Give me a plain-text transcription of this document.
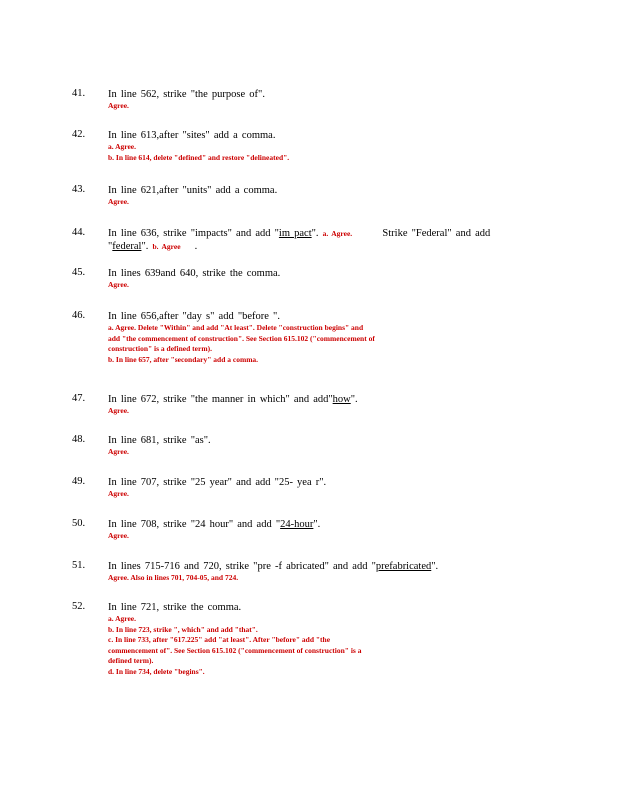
41. In line 562, strike "the purpose of".
Agree.
42. In line 613,after "sites" add a comma.
a. Agree.
b. In line 614, delete "defined" and restore "delineated".
43. In line 621,after "units" add a comma.
Agree.
44. In line 636, strike "impacts" and add "im pact". a. Agree.	Strike "Federal" and add
"federal". b. Agree .
45. In lines 639and 640, strike the comma.
Agree.
46. In line 656,after "day s" add "before ".
a. Agree. Delete "Within" and add "At least". Delete "construction begins" and
add "the commencement of construction". See Section 615.102 ("commencement of
construction" is a defined term).
b. In line 657, after "secondary" add a comma.
47. In line 672, strike "the manner in which" and add"how".
Agree.
48. In line 681, strike "as".
Agree.
49. In line 707, strike "25 year" and add "25- yea r".
Agree.
50. In line 708, strike "24 hour" and add "24-hour".
Agree.
51. In lines 715-716 and 720, strike "pre -f abricated" and add "prefabricated".
Agree. Also in lines 701, 704-05, and 724.
52. In line 721, strike the comma.
a. Agree.
b. In line 723, strike ", which" and add "that".
c. In line 733, after "617.225" add "at least". After "before" add "the
commencement of". See Section 615.102 ("commencement of construction" is a
defined term).
d. In line 734, delete "begins".
